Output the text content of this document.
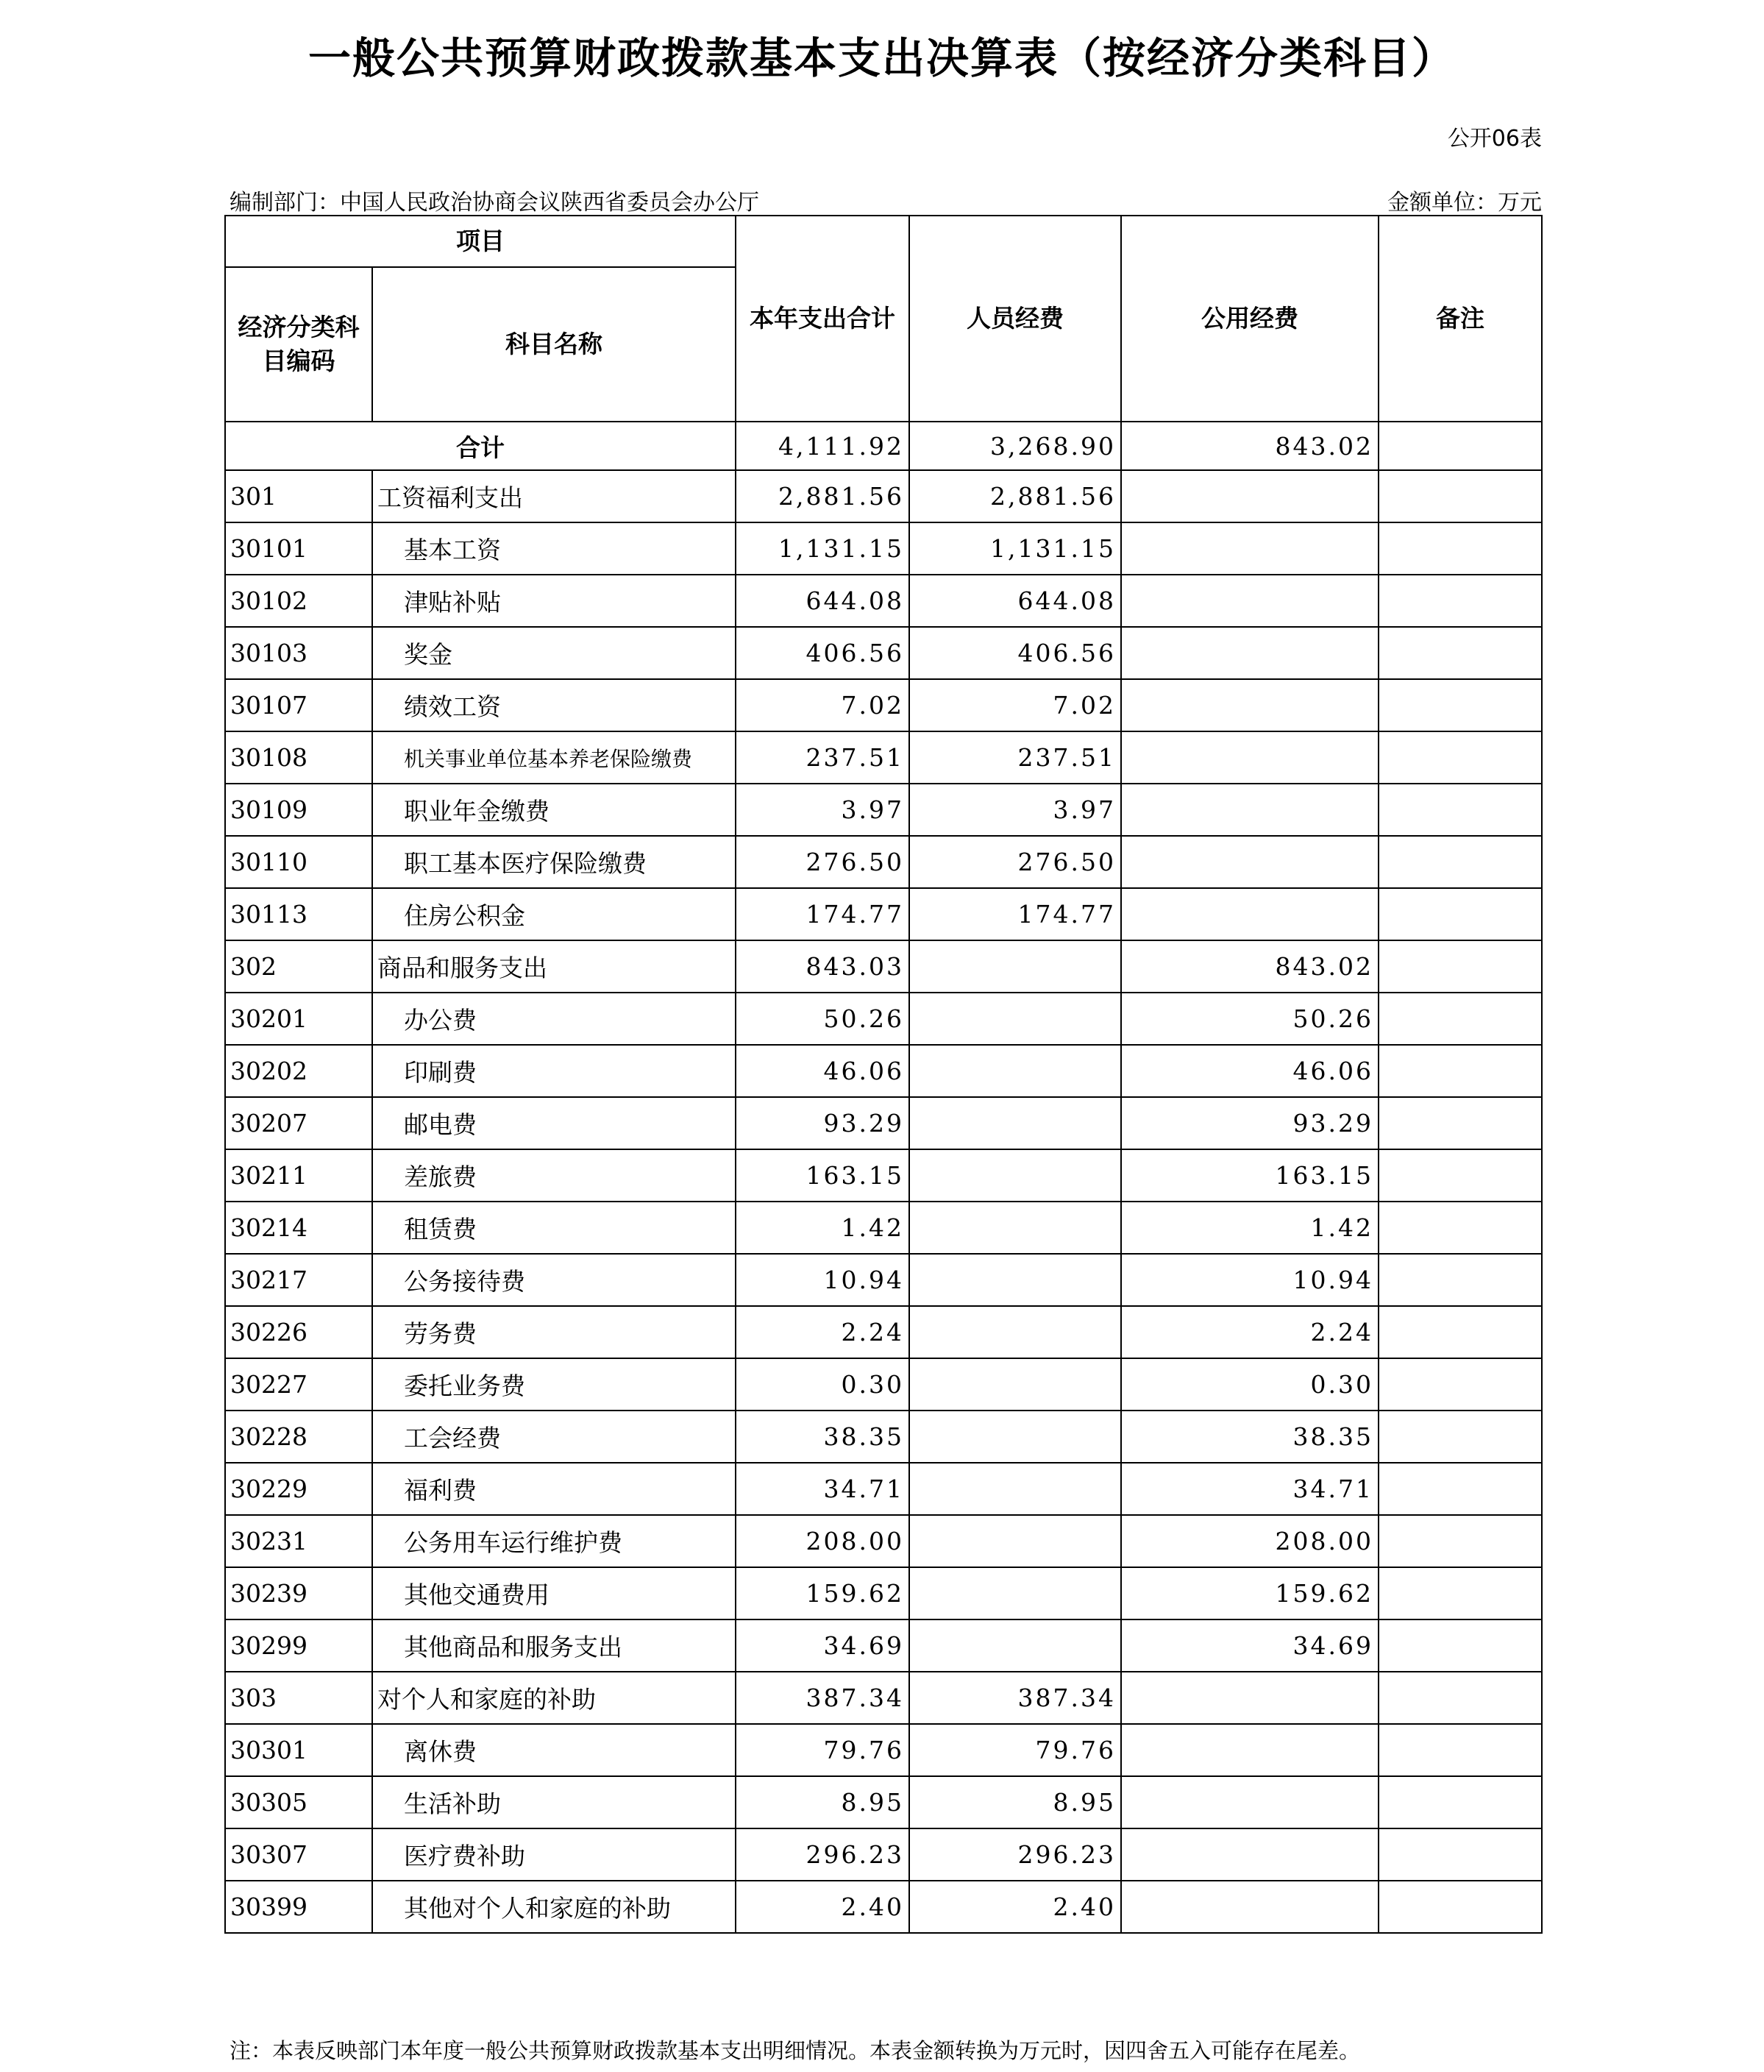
一般公共预算财政拨款基本支出决算表（按经济分类科目）
公开06表
编制部门：中国人民政治协商会议陕西省委员会办公厅	金额单位：万元
项目		本年支出合计	人员经费	公用经费	备注
经济分类科目编码	科目名称				
合计		4,111.92	3,268.90	843.02	
301	工资福利支出	2,881.56	2,881.56		
30101	基本工资	1,131.15	1,131.15		
30102	津贴补贴	644.08	644.08		
30103	奖金	406.56	406.56		
30107	绩效工资	7.02	7.02		
30108	机关事业单位基本养老保险缴费	237.51	237.51		
30109	职业年金缴费	3.97	3.97		
30110	职工基本医疗保险缴费	276.50	276.50		
30113	住房公积金	174.77	174.77		
302	商品和服务支出	843.03		843.02	
30201	办公费	50.26		50.26	
30202	印刷费	46.06		46.06	
30207	邮电费	93.29		93.29	
30211	差旅费	163.15		163.15	
30214	租赁费	1.42		1.42	
30217	公务接待费	10.94		10.94	
30226	劳务费	2.24		2.24	
30227	委托业务费	0.30		0.30	
30228	工会经费	38.35		38.35	
30229	福利费	34.71		34.71	
30231	公务用车运行维护费	208.00		208.00	
30239	其他交通费用	159.62		159.62	
30299	其他商品和服务支出	34.69		34.69	
303	对个人和家庭的补助	387.34	387.34		
30301	离休费	79.76	79.76		
30305	生活补助	8.95	8.95		
30307	医疗费补助	296.23	296.23		
30399	其他对个人和家庭的补助	2.40	2.40		
注：本表反映部门本年度一般公共预算财政拨款基本支出明细情况。本表金额转换为万元时，因四舍五入可能存在尾差。
